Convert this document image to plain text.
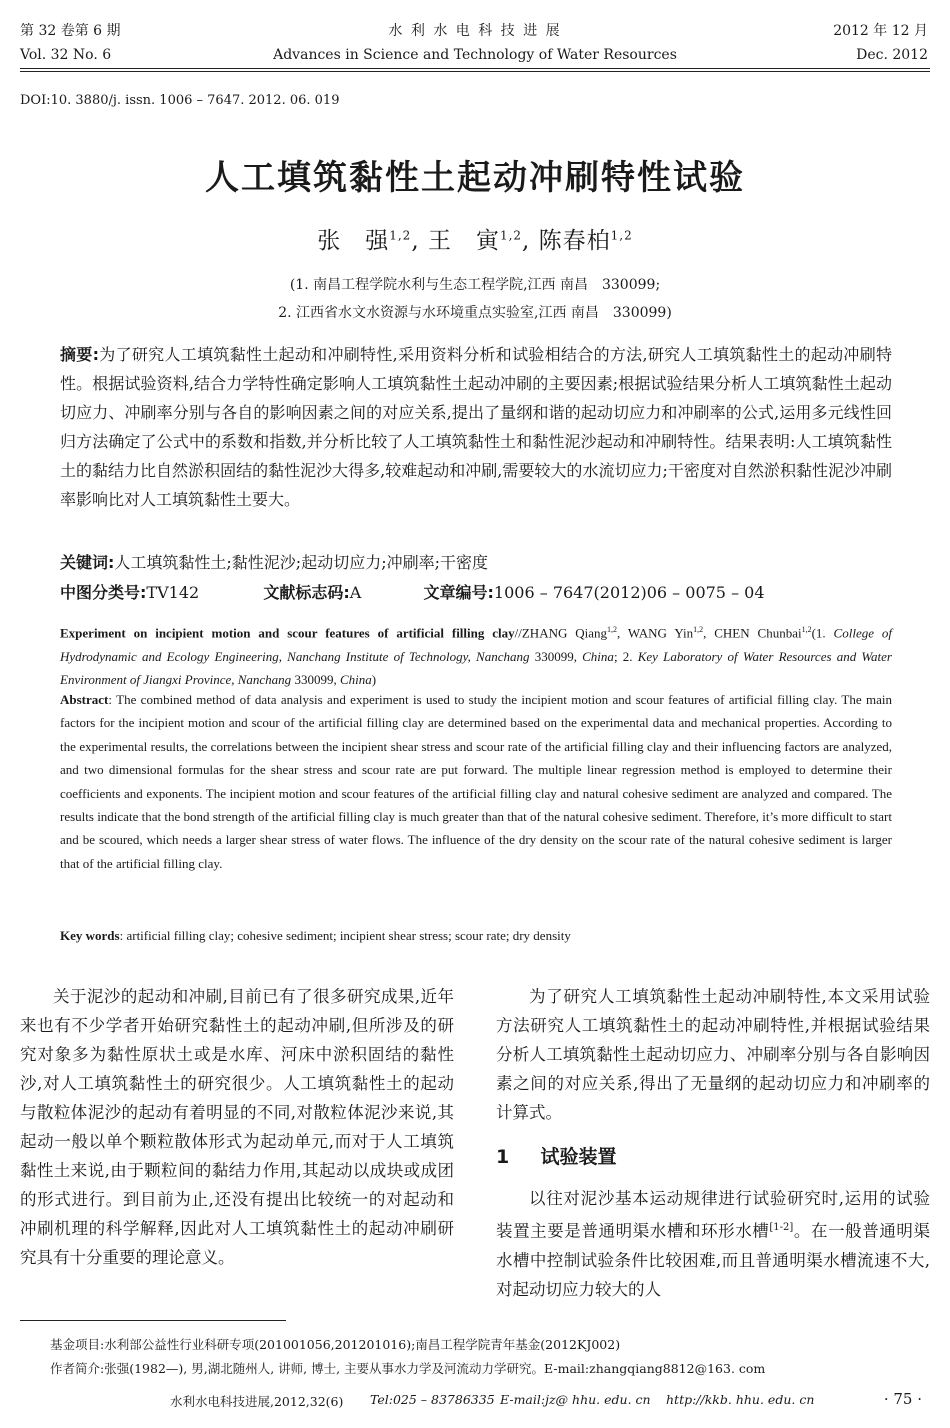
第 32 卷第 6 期
Vol. 32 No. 6
水 利 水 电 科 技 进 展
Advances in Science and Technology of Water Resources
2012 年 12 月
Dec. 2012
DOI:10. 3880/j. issn. 1006 – 7647. 2012. 06. 019
人工填筑黏性土起动冲刷特性试验
张　强$^{1,2}$, 王　寅$^{1,2}$, 陈春柏$^{1,2}$
(1. 南昌工程学院水利与生态工程学院,江西 南昌　330099;
2. 江西省水文水资源与水环境重点实验室,江西 南昌　330099)
摘要:为了研究人工填筑黏性土起动和冲刷特性,采用资料分析和试验相结合的方法,研究人工填筑黏性土的起动冲刷特性。根据试验资料,结合力学特性确定影响人工填筑黏性土起动冲刷的主要因素;根据试验结果分析人工填筑黏性土起动切应力、冲刷率分别与各自的影响因素之间的对应关系,提出了量纲和谐的起动切应力和冲刷率的公式,运用多元线性回归方法确定了公式中的系数和指数,并分析比较了人工填筑黏性土和黏性泥沙起动和冲刷特性。结果表明:人工填筑黏性土的黏结力比自然淤积固结的黏性泥沙大得多,较难起动和冲刷,需要较大的水流切应力;干密度对自然淤积黏性泥沙冲刷率影响比对人工填筑黏性土要大。
关键词:人工填筑黏性土;黏性泥沙;起动切应力;冲刷率;干密度
中图分类号:TV142	文献标志码:A	文章编号:1006 – 7647(2012)06 – 0075 – 04
Experiment on incipient motion and scour features of artificial filling clay//ZHANG Qiang$^{1,2}$, WANG Yin$^{1,2}$, CHEN Chunbai$^{1,2}$(1. College of Hydrodynamic and Ecology Engineering, Nanchang Institute of Technology, Nanchang 330099, China; 2. Key Laboratory of Water Resources and Water Environment of Jiangxi Province, Nanchang 330099, China)
Abstract: The combined method of data analysis and experiment is used to study the incipient motion and scour features of artificial filling clay. The main factors for the incipient motion and scour of the artificial filling clay are determined based on the experimental data and mechanical properties. According to the experimental results, the correlations between the incipient shear stress and scour rate of the artificial filling clay and their influencing factors are analyzed, and two dimensional formulas for the shear stress and scour rate are put forward. The multiple linear regression method is employed to determine their coefficients and exponents. The incipient motion and scour features of the artificial filling clay and natural cohesive sediment are analyzed and compared. The results indicate that the bond strength of the artificial filling clay is much greater than that of the natural cohesive sediment. Therefore, it’s more difficult to start and be scoured, which needs a larger shear stress of water flows. The influence of the dry density on the scour rate of the natural cohesive sediment is larger that of the artificial filling clay.
Key words: artificial filling clay; cohesive sediment; incipient shear stress; scour rate; dry density

关于泥沙的起动和冲刷,目前已有了很多研究成果,近年来也有不少学者开始研究黏性土的起动冲刷,但所涉及的研究对象多为黏性原状土或是水库、河床中淤积固结的黏性沙,对人工填筑黏性土的研究很少。人工填筑黏性土的起动与散粒体泥沙的起动有着明显的不同,对散粒体泥沙来说,其起动一般以单个颗粒散体形式为起动单元,而对于人工填筑黏性土来说,由于颗粒间的黏结力作用,其起动以成块或成团的形式进行。到目前为止,还没有提出比较统一的对起动和冲刷机理的科学解释,因此对人工填筑黏性土的起动冲刷研究具有十分重要的理论意义。

为了研究人工填筑黏性土起动冲刷特性,本文采用试验方法研究人工填筑黏性土的起动冲刷特性,并根据试验结果分析人工填筑黏性土起动切应力、冲刷率分别与各自影响因素之间的对应关系,得出了无量纲的起动切应力和冲刷率的计算式。

1 试验装置

以往对泥沙基本运动规律进行试验研究时,运用的试验装置主要是普通明渠水槽和环形水槽[1-2]。在一般普通明渠水槽中控制试验条件比较困难,而且普通明渠水槽流速不大,对起动切应力较大的人

基金项目:水利部公益性行业科研专项(201001056,201201016);南昌工程学院青年基金(2012KJ002)
作者简介:张强(1982—), 男,湖北随州人, 讲师, 博士, 主要从事水力学及河流动力学研究。E-mail:zhangqiang8812@163. com
水利水电科技进展,2012,32(6) Tel:025 – 83786335 E-mail:jz@ hhu. edu. cn http://kkb. hhu. edu. cn	· 75 ·
